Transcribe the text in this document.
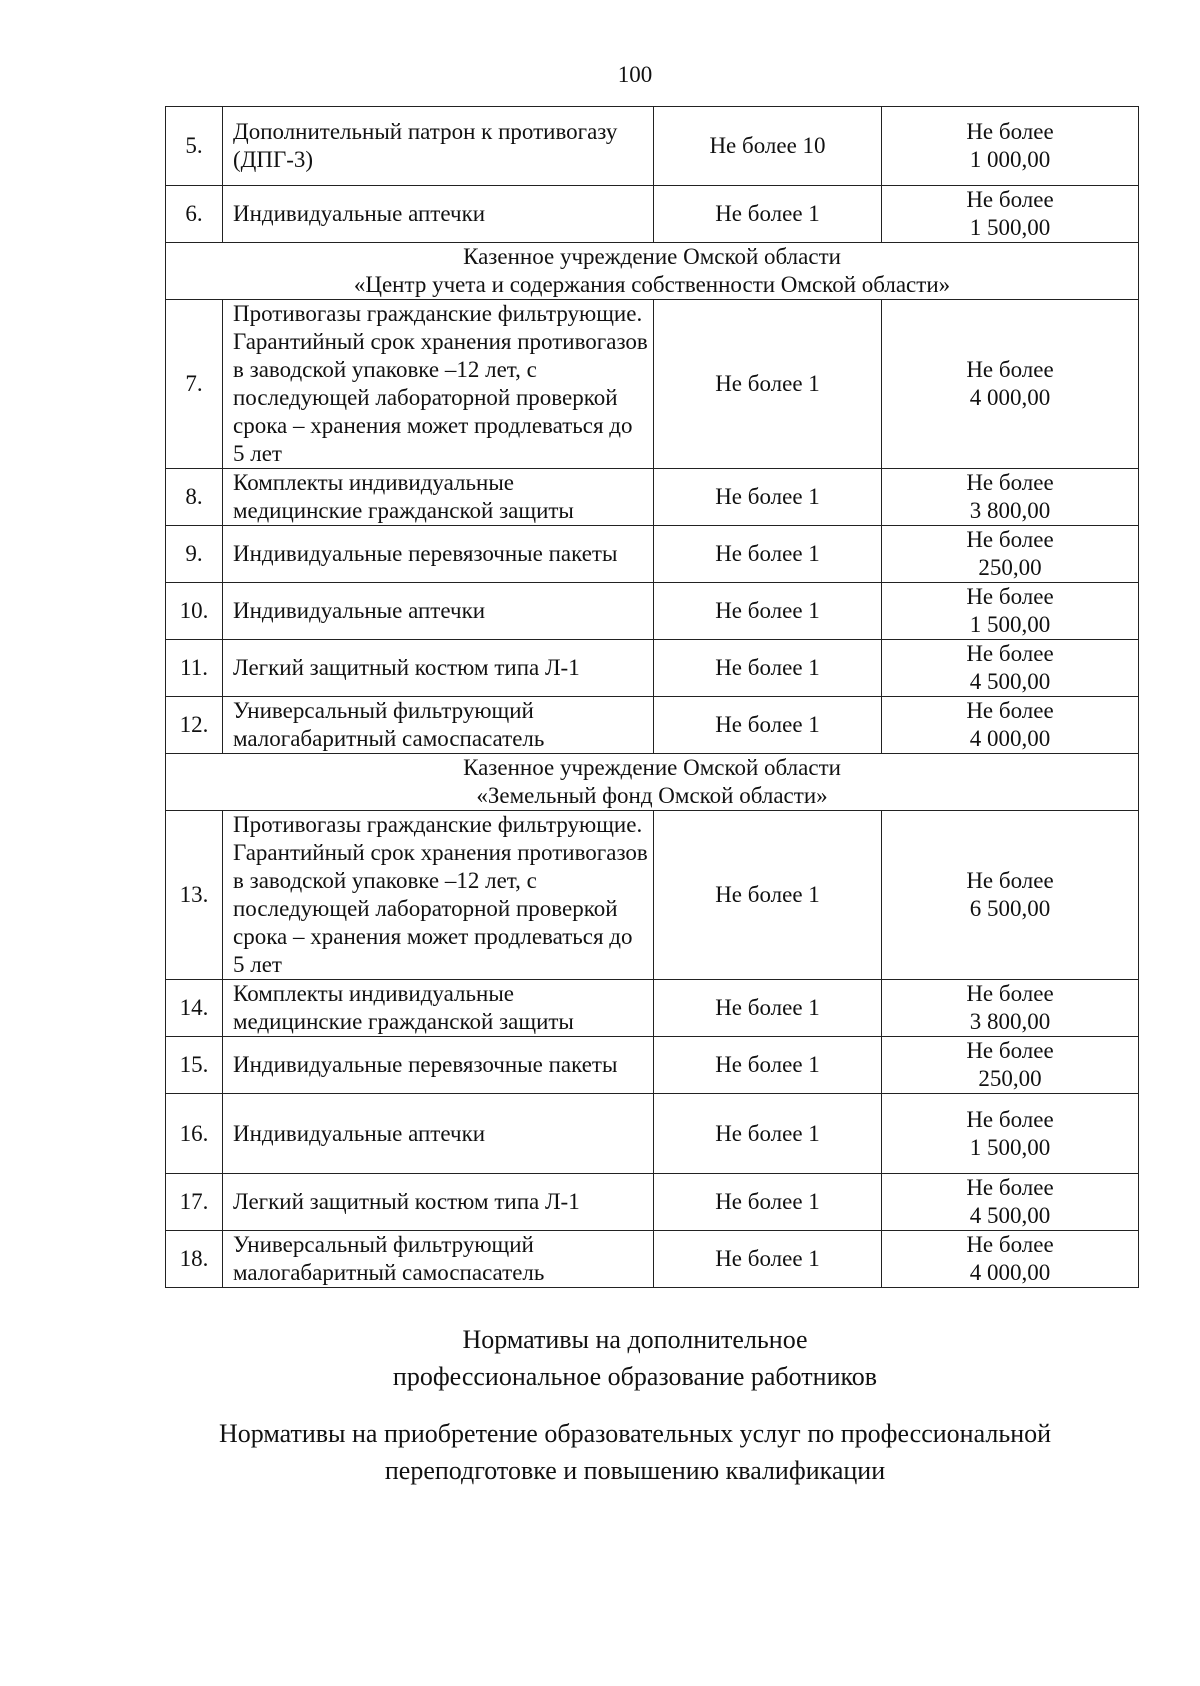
100
5.	Дополнительный патрон к противогазу (ДПГ-3)	Не более 10	Не более
1 000,00

6.	Индивидуальные аптечки	Не более 1	Не более
1 500,00

Казенное учреждение Омской области
«Центр учета и содержания собственности Омской области»			

7.	Противогазы гражданские фильтрующие. Гарантийный срок хранения противогазов в заводской упаковке –12 лет, с последующей лабораторной проверкой срока – хранения может продлеваться до 5 лет	Не более 1	Не более
4 000,00

8.	Комплекты индивидуальные медицинские гражданской защиты	Не более 1	Не более
3 800,00

9.	Индивидуальные перевязочные пакеты	Не более 1	Не более
250,00

10.	Индивидуальные аптечки	Не более 1	Не более
1 500,00

11.	Легкий защитный костюм типа Л-1	Не более 1	Не более
4 500,00

12.	Универсальный фильтрующий малогабаритный самоспасатель	Не более 1	Не более
4 000,00

Казенное учреждение Омской области
«Земельный фонд Омской области»			

13.	Противогазы гражданские фильтрующие. Гарантийный срок хранения противогазов в заводской упаковке –12 лет, с последующей лабораторной проверкой срока – хранения может продлеваться до 5 лет	Не более 1	Не более
6 500,00

14.	Комплекты индивидуальные медицинские гражданской защиты	Не более 1	Не более
3 800,00

15.	Индивидуальные перевязочные пакеты	Не более 1	Не более
250,00

16.	Индивидуальные аптечки	Не более 1	Не более
1 500,00

17.	Легкий защитный костюм типа Л-1	Не более 1	Не более
4 500,00

18.	Универсальный фильтрующий малогабаритный самоспасатель	Не более 1	Не более
4 000,00
Нормативы на дополнительное
профессиональное образование работников
Нормативы на приобретение образовательных услуг по профессиональной
переподготовке и повышению квалификации
